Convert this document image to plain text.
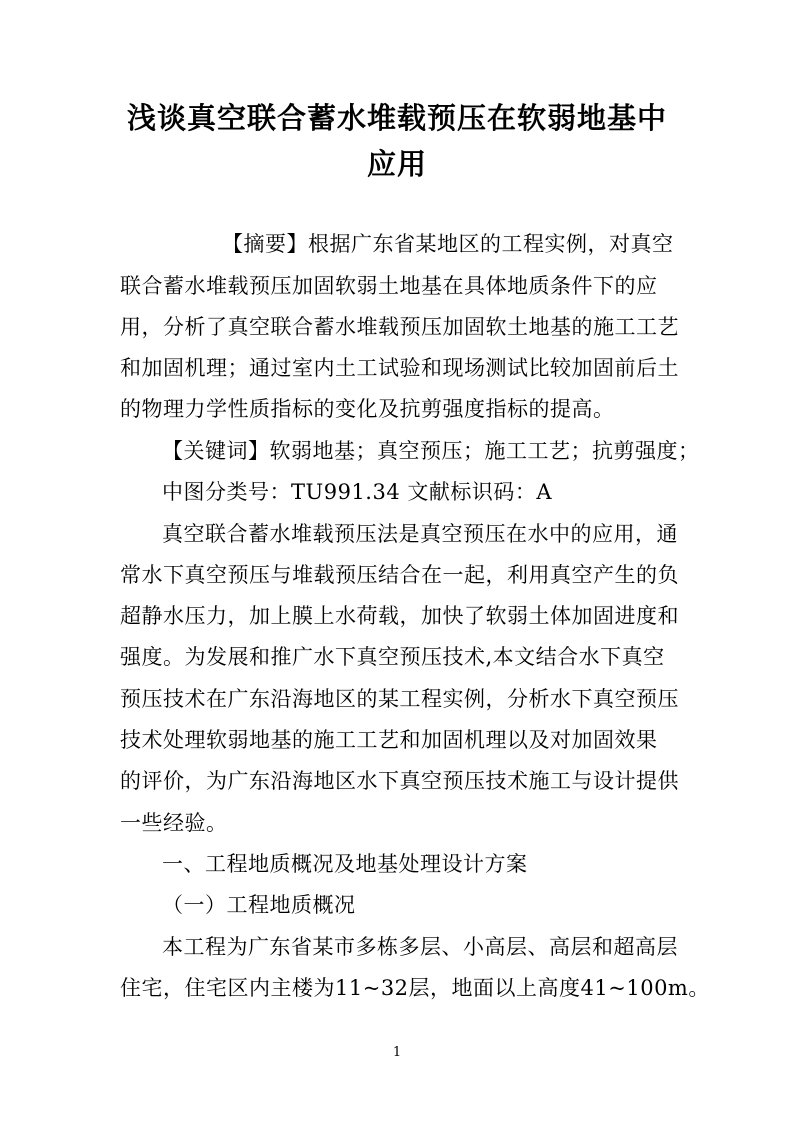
浅谈真空联合蓄水堆载预压在软弱地基中
应用

【摘要】根据广东省某地区的工程实例，对真空

联合蓄水堆载预压加固软弱土地基在具体地质条件下的应

用，分析了真空联合蓄水堆载预压加固软土地基的施工工艺

和加固机理；通过室内土工试验和现场测试比较加固前后土

的物理力学性质指标的变化及抗剪强度指标的提高。

【关键词】软弱地基；真空预压；施工工艺；抗剪强度；

中图分类号：TU991.34 文献标识码：A

真空联合蓄水堆载预压法是真空预压在水中的应用，通

常水下真空预压与堆载预压结合在一起，利用真空产生的负

超静水压力，加上膜上水荷载，加快了软弱土体加固进度和

强度。为发展和推广水下真空预压技术,本文结合水下真空

预压技术在广东沿海地区的某工程实例，分析水下真空预压

技术处理软弱地基的施工工艺和加固机理以及对加固效果

的评价，为广东沿海地区水下真空预压技术施工与设计提供

一些经验。

一、工程地质概况及地基处理设计方案

（一）工程地质概况

本工程为广东省某市多栋多层、小高层、高层和超高层

住宅，住宅区内主楼为11~32层，地面以上高度41~100m。

1
